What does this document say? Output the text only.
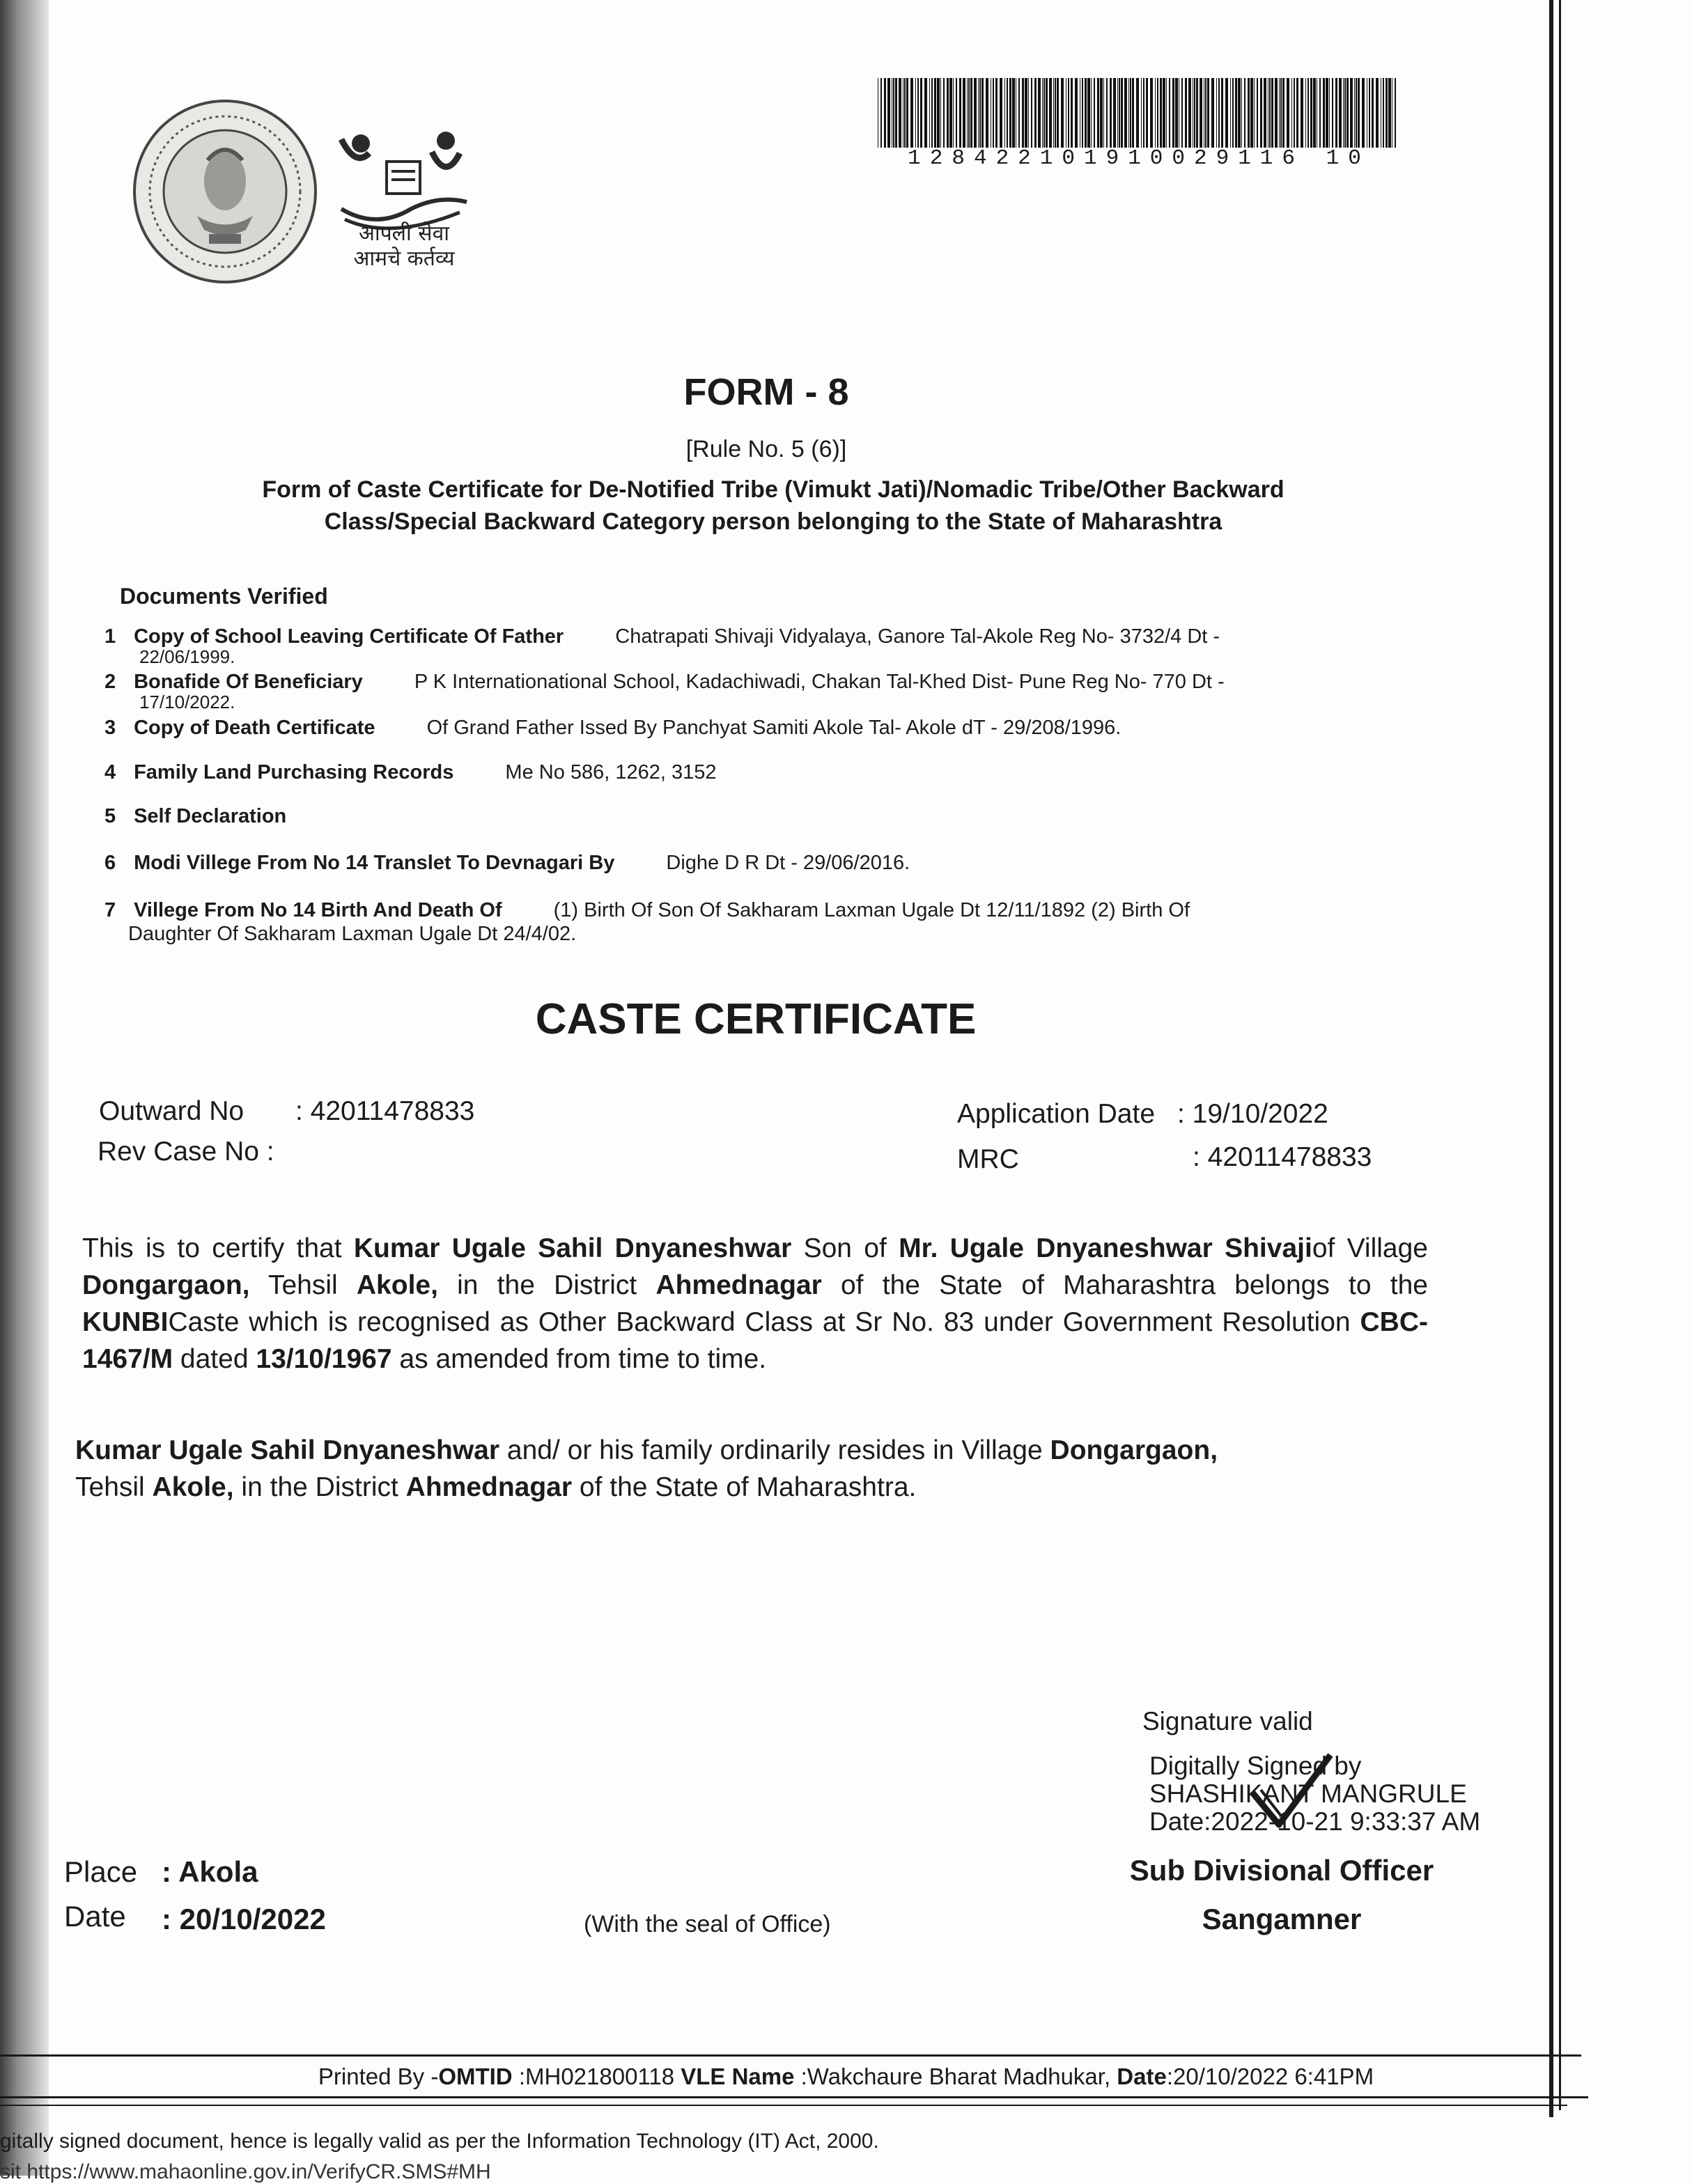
आपली सेवा
आमचे कर्तव्य
128422101910029116 10
FORM - 8
[Rule No. 5 (6)]
Form of Caste Certificate for De-Notified Tribe (Vimukt Jati)/Nomadic Tribe/Other Backward
Class/Special Backward Category person belonging to the State of Maharashtra
Documents Verified
1 Copy of School Leaving Certificate Of Father	Chatrapati Shivaji Vidyalaya, Ganore Tal-Akole Reg No- 3732/4 Dt -
22/06/1999.
2 Bonafide Of Beneficiary	P K Internationational School, Kadachiwadi, Chakan Tal-Khed Dist- Pune Reg No- 770 Dt -
17/10/2022.
3 Copy of Death Certificate	Of Grand Father Issed By Panchyat Samiti Akole Tal- Akole dT - 29/208/1996.
4 Family Land Purchasing Records	Me No 586, 1262, 3152
5 Self Declaration
6 Modi Villege From No 14 Translet To Devnagari By	Dighe D R Dt - 29/06/2016.
7 Villege From No 14 Birth And Death Of	(1) Birth Of Son Of Sakharam Laxman Ugale Dt 12/11/1892 (2) Birth Of
Daughter Of Sakharam Laxman Ugale Dt 24/4/02.
CASTE CERTIFICATE
Outward No : 42011478833
Rev Case No :
Application Date : 19/10/2022
MRC	: 42011478833
This is to certify that Kumar Ugale Sahil Dnyaneshwar Son of Mr. Ugale Dnyaneshwar Shivajiof Village Dongargaon, Tehsil Akole, in the District Ahmednagar of the State of Maharashtra belongs to the KUNBICaste which is recognised as Other Backward Class at Sr No. 83 under Government Resolution CBC-1467/M dated 13/10/1967 as amended from time to time.
Kumar Ugale Sahil Dnyaneshwar and/ or his family ordinarily resides in Village Dongargaon,
Tehsil Akole, in the District Ahmednagar of the State of Maharashtra.
Signature valid
Digitally Signed by
SHASHIKANT MANGRULE
Date:2022-10-21 9:33:37 AM
Sub Divisional Officer
Sangamner
Place : Akola
Date : 20/10/2022	(With the seal of Office)
Printed By -OMTID :MH021800118 VLE Name :Wakchaure Bharat Madhukar, Date:20/10/2022 6:41PM
gitally signed document, hence is legally valid as per the Information Technology (IT) Act, 2000.
sit https://www.mahaonline.gov.in/VerifyCR.SMS#MH
